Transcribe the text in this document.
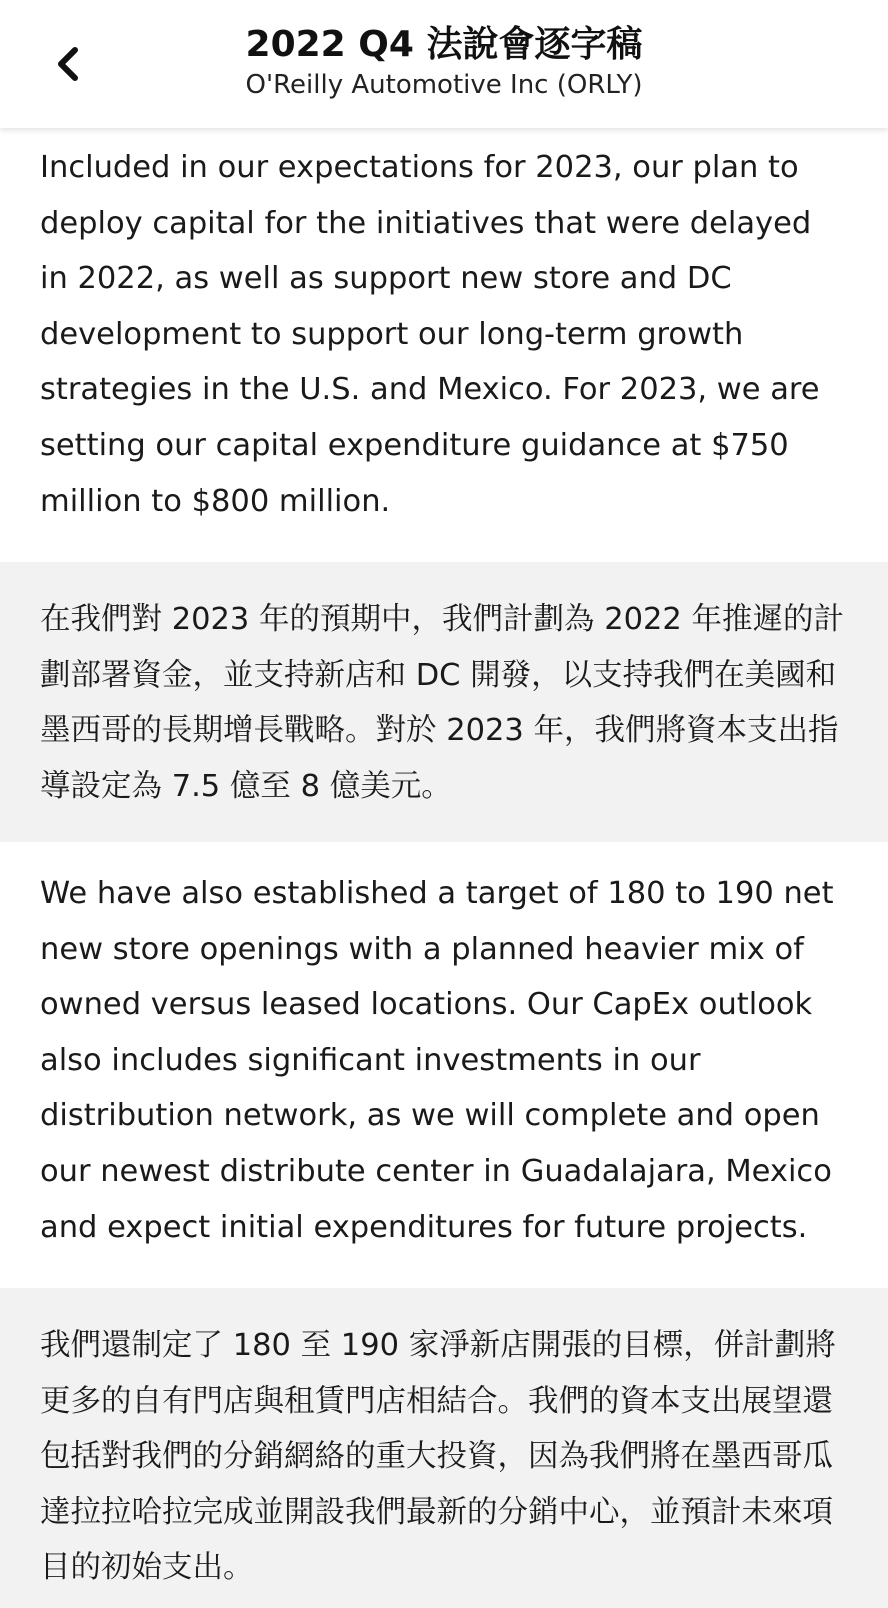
2022 Q4 法說會逐字稿
O'Reilly Automotive Inc (ORLY)

Included in our expectations for 2023, our plan to deploy capital for the initiatives that were delayed in 2022, as well as support new store and DC development to support our long-term growth strategies in the U.S. and Mexico. For 2023, we are setting our capital expenditure guidance at $750 million to $800 million.

在我們對 2023 年的預期中，我們計劃為 2022 年推遲的計劃部署資金，並支持新店和 DC 開發，以支持我們在美國和墨西哥的長期增長戰略。對於 2023 年，我們將資本支出指導設定為 7.5 億至 8 億美元。

We have also established a target of 180 to 190 net new store openings with a planned heavier mix of owned versus leased locations. Our CapEx outlook also includes significant investments in our distribution network, as we will complete and open our newest distribute center in Guadalajara, Mexico and expect initial expenditures for future projects.

我們還制定了 180 至 190 家淨新店開張的目標，併計劃將更多的自有門店與租賃門店相結合。我們的資本支出展望還包括對我們的分銷網絡的重大投資，因為我們將在墨西哥瓜達拉拉哈拉完成並開設我們最新的分銷中心，並預計未來項目的初始支出。
